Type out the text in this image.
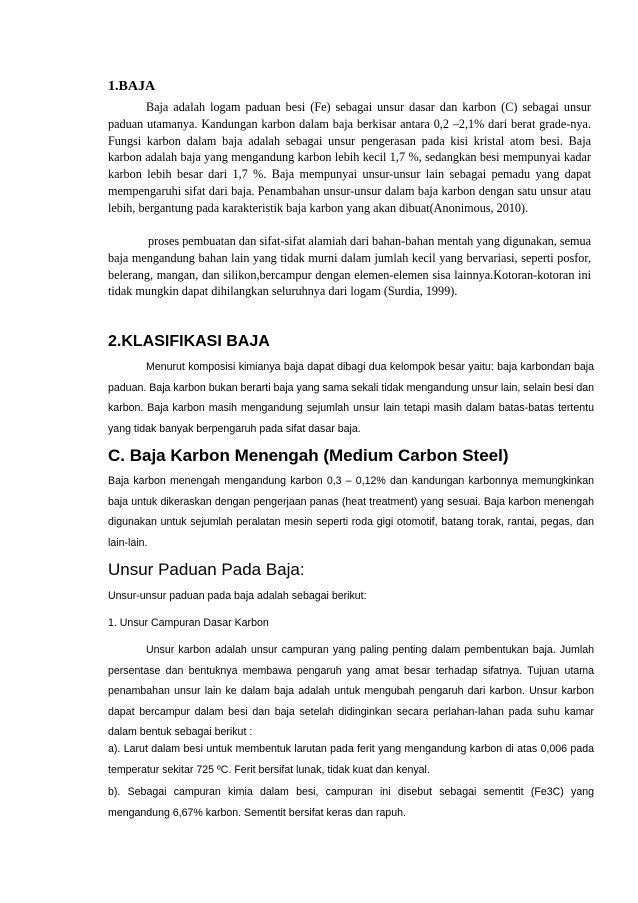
1.BAJA
Baja adalah logam paduan besi (Fe) sebagai unsur dasar dan karbon (C) sebagai unsur paduan utamanya. Kandungan karbon dalam baja berkisar antara 0,2 –2,1% dari berat grade-nya. Fungsi karbon dalam baja adalah sebagai unsur pengerasan pada kisi kristal atom besi. Baja karbon adalah baja yang mengandung karbon lebih kecil 1,7 %, sedangkan besi mempunyai kadar karbon lebih besar dari 1,7 %. Baja mempunyai unsur-unsur lain sebagai pemadu yang dapat mempengaruhi sifat dari baja. Penambahan unsur-unsur dalam baja karbon dengan satu unsur atau lebih, bergantung pada karakteristik baja karbon yang akan dibuat(Anonimous, 2010).
proses pembuatan dan sifat-sifat alamiah dari bahan-bahan mentah yang digunakan, semua baja mengandung bahan lain yang tidak murni dalam jumlah kecil yang bervariasi, seperti posfor, belerang, mangan, dan silikon,bercampur dengan elemen-elemen sisa lainnya.Kotoran-kotoran ini tidak mungkin dapat dihilangkan seluruhnya dari logam (Surdia, 1999).
2.KLASIFIKASI BAJA
Menurut komposisi kimianya baja dapat dibagi dua kelompok besar yaitu: baja karbondan baja paduan. Baja karbon bukan berarti baja yang sama sekali tidak mengandung unsur lain, selain besi dan karbon. Baja karbon masih mengandung sejumlah unsur lain tetapi masih dalam batas-batas tertentu yang tidak banyak berpengaruh pada sifat dasar baja.
C. Baja Karbon Menengah (Medium Carbon Steel)
Baja karbon menengah mengandung karbon 0,3 – 0,12% dan kandungan karbonnya memungkinkan baja untuk dikeraskan dengan pengerjaan panas (heat treatment) yang sesuai. Baja karbon menengah digunakan untuk sejumlah peralatan mesin seperti roda gigi otomotif, batang torak, rantai, pegas, dan lain-lain.
Unsur Paduan Pada Baja:
Unsur-unsur paduan pada baja adalah sebagai berikut:
1. Unsur Campuran Dasar Karbon
Unsur karbon adalah unsur campuran yang paling penting dalam pembentukan baja. Jumlah persentase dan bentuknya membawa pengaruh yang amat besar terhadap sifatnya. Tujuan utama penambahan unsur lain ke dalam baja adalah untuk mengubah pengaruh dari karbon. Unsur karbon dapat bercampur dalam besi dan baja setelah didinginkan secara perlahan-lahan pada suhu kamar dalam bentuk sebagai berikut :
a). Larut dalam besi untuk membentuk larutan pada ferit yang mengandung karbon di atas 0,006 pada temperatur sekitar 725 ºC. Ferit bersifat lunak, tidak kuat dan kenyal.
b). Sebagai campuran kimia dalam besi, campuran ini disebut sebagai sementit (Fe3C) yang mengandung 6,67% karbon. Sementit bersifat keras dan rapuh.
